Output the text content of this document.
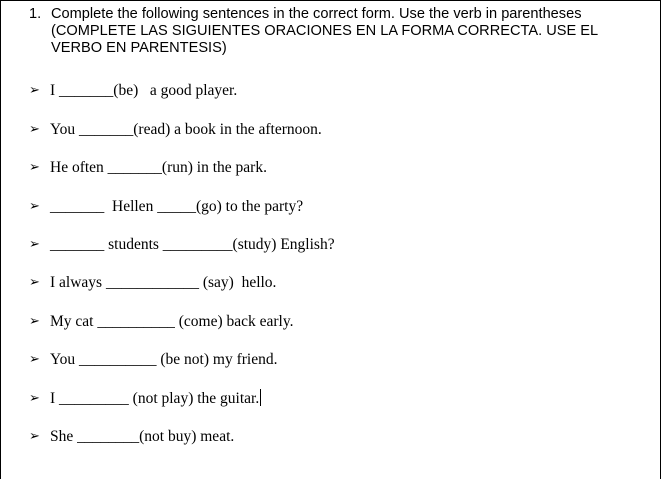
1. Complete the following sentences in the correct form. Use the verb in parentheses
(COMPLETE LAS SIGUIENTES ORACIONES EN LA FORMA CORRECTA. USE EL
VERBO EN PARENTESIS)

➢

I _______(be)   a good player.

➢

You _______(read) a book in the afternoon.

➢

He often _______(run) in the park.

➢

_______  Hellen _____(go) to the party?

➢

_______ students _________(study) English?

➢

I always ____________ (say)  hello.

➢

My cat __________ (come) back early.

➢

You __________ (be not) my friend.

➢

I _________ (not play) the guitar.

➢

She ________(not buy) meat.
